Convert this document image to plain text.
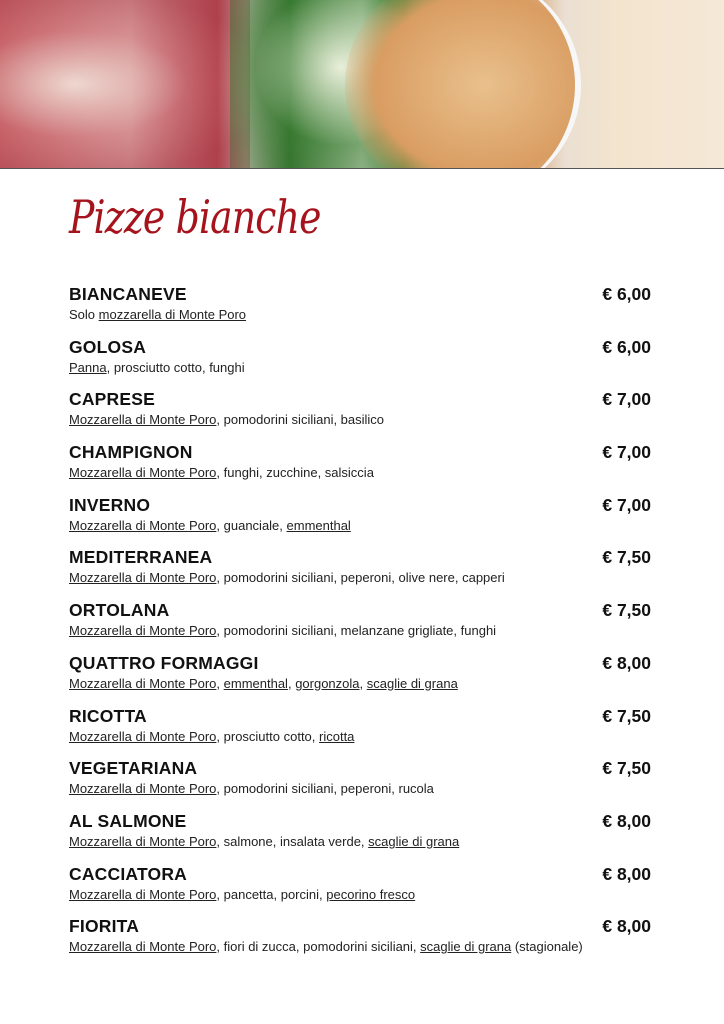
Pizze bianche
BIANCANEVE	€ 6,00
Solo mozzarella di Monte Poro
GOLOSA	€ 6,00
Panna, prosciutto cotto, funghi
CAPRESE	€ 7,00
Mozzarella di Monte Poro, pomodorini siciliani, basilico
CHAMPIGNON	€ 7,00
Mozzarella di Monte Poro, funghi, zucchine, salsiccia
INVERNO	€ 7,00
Mozzarella di Monte Poro, guanciale, emmenthal
MEDITERRANEA	€ 7,50
Mozzarella di Monte Poro, pomodorini siciliani, peperoni, olive nere, capperi
ORTOLANA	€ 7,50
Mozzarella di Monte Poro, pomodorini siciliani, melanzane grigliate, funghi
QUATTRO FORMAGGI	€ 8,00
Mozzarella di Monte Poro, emmenthal, gorgonzola, scaglie di grana
RICOTTA	€ 7,50
Mozzarella di Monte Poro, prosciutto cotto, ricotta
VEGETARIANA	€ 7,50
Mozzarella di Monte Poro, pomodorini siciliani, peperoni, rucola
AL SALMONE	€ 8,00
Mozzarella di Monte Poro, salmone, insalata verde, scaglie di grana
CACCIATORA	€ 8,00
Mozzarella di Monte Poro, pancetta, porcini, pecorino fresco
FIORITA	€ 8,00
Mozzarella di Monte Poro, fiori di zucca, pomodorini siciliani, scaglie di grana (stagionale)
